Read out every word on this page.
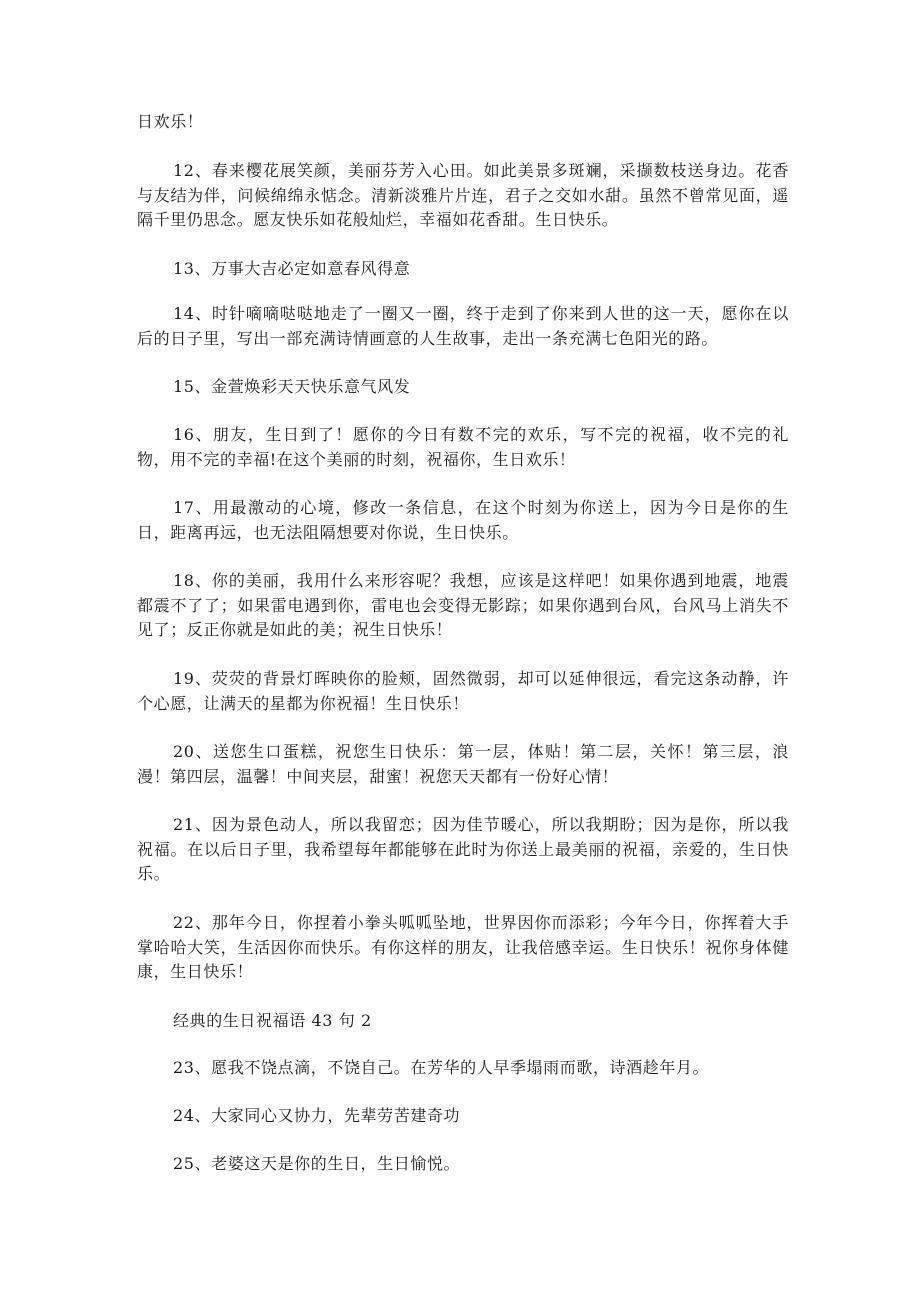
日欢乐！

12、春来樱花展笑颜，美丽芬芳入心田。如此美景多斑斓，采撷数枝送身边。花香与友结为伴，问候绵绵永惦念。清新淡雅片片连，君子之交如水甜。虽然不曾常见面，遥隔千里仍思念。愿友快乐如花般灿烂，幸福如花香甜。生日快乐。

13、万事大吉必定如意春风得意

14、时针嘀嘀哒哒地走了一圈又一圈，终于走到了你来到人世的这一天，愿你在以后的日子里，写出一部充满诗情画意的人生故事，走出一条充满七色阳光的路。

15、金萱焕彩天天快乐意气风发

16、朋友，生日到了！愿你的今日有数不完的欢乐，写不完的祝福，收不完的礼物，用不完的幸福!在这个美丽的时刻，祝福你，生日欢乐！

17、用最激动的心境，修改一条信息，在这个时刻为你送上，因为今日是你的生日，距离再远，也无法阻隔想要对你说，生日快乐。

18、你的美丽，我用什么来形容呢？我想，应该是这样吧！如果你遇到地震，地震都震不了了；如果雷电遇到你，雷电也会变得无影踪；如果你遇到台风，台风马上消失不见了；反正你就是如此的美；祝生日快乐！

19、荧荧的背景灯晖映你的脸颊，固然微弱，却可以延伸很远，看完这条动静，许个心愿，让满天的星都为你祝福！生日快乐！

20、送您生口蛋糕，祝您生日快乐：第一层，体贴！第二层，关怀！第三层，浪漫！第四层，温馨！中间夹层，甜蜜！祝您天天都有一份好心情！

21、因为景色动人，所以我留恋；因为佳节暖心，所以我期盼；因为是你，所以我祝福。在以后日子里，我希望每年都能够在此时为你送上最美丽的祝福，亲爱的，生日快乐。

22、那年今日，你捏着小拳头呱呱坠地，世界因你而添彩；今年今日，你挥着大手掌哈哈大笑，生活因你而快乐。有你这样的朋友，让我倍感幸运。生日快乐！祝你身体健康，生日快乐！

经典的生日祝福语 43 句 2

23、愿我不饶点滴，不饶自己。在芳华的人早季塌雨而歌，诗酒趁年月。

24、大家同心又协力，先辈劳苦建奇功

25、老婆这天是你的生日，生日愉悦。
